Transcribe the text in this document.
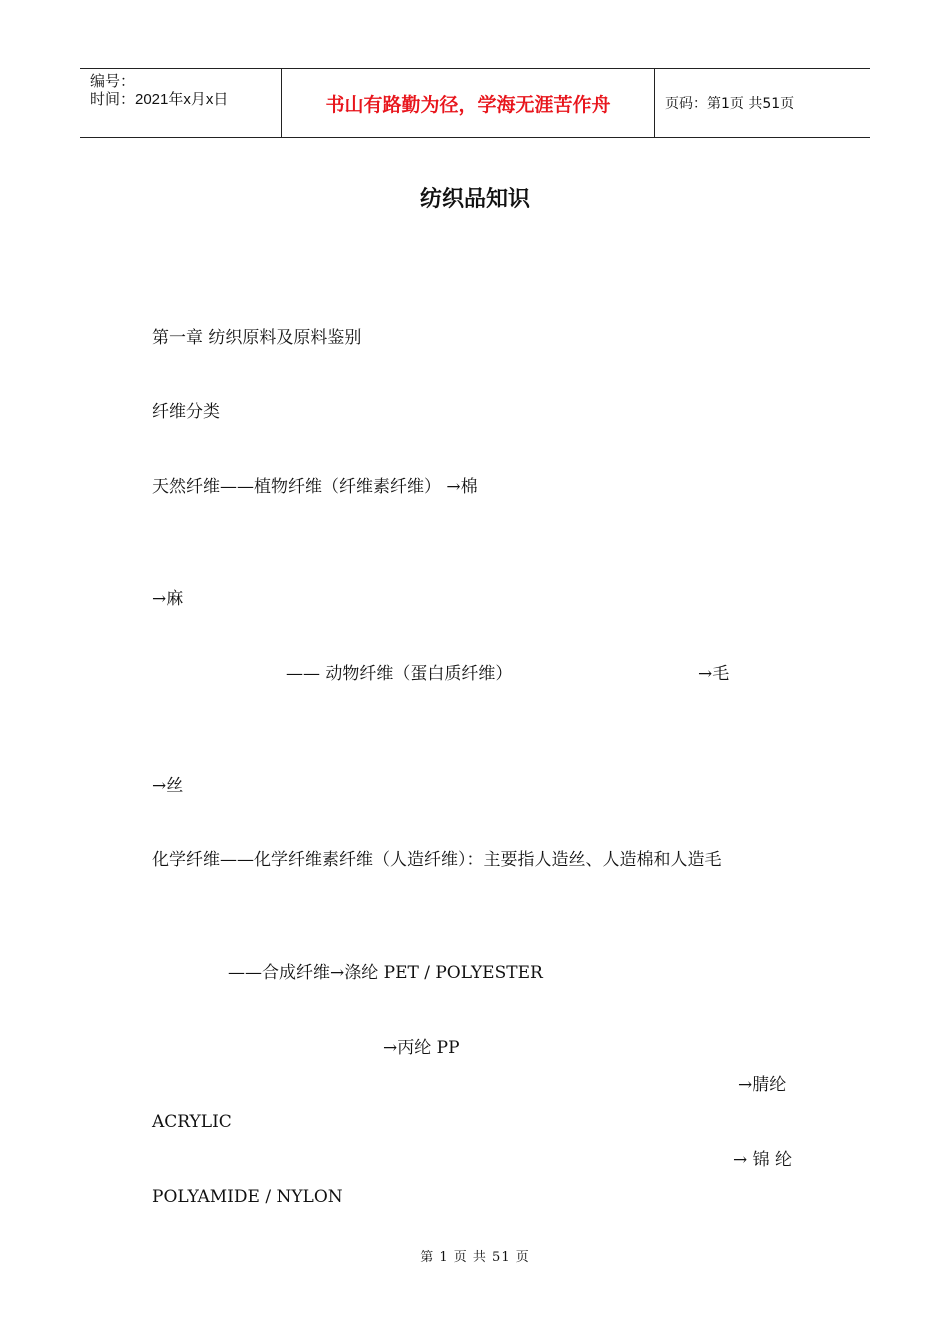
编号：
时间：2021年x月x日	书山有路勤为径，学海无涯苦作舟	页码：第1页 共51页
纺织品知识
第一章 纺织原料及原料鉴别
纤维分类
天然纤维——植物纤维（纤维素纤维） →棉
→麻
—— 动物纤维（蛋白质纤维）	→毛
→丝
化学纤维——化学纤维素纤维（人造纤维）：主要指人造丝、人造棉和人造毛
——合成纤维→涤纶 PET / POLYESTER
→丙纶 PP
→腈纶
ACRYLIC
→ 锦 纶
POLYAMIDE / NYLON
第 1 页 共 51 页
